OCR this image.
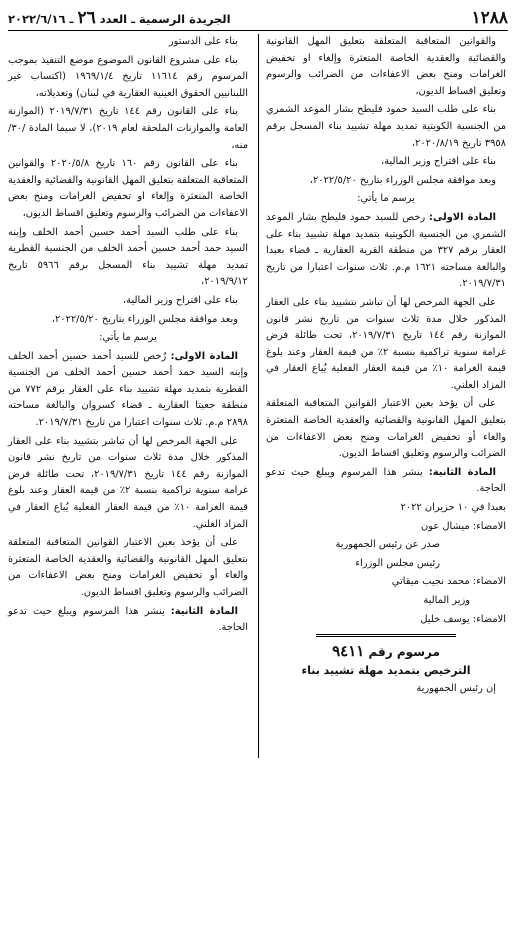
١٢٨٨
الجريدة الرسمية ـ العدد ٢٦ ـ ٢٠٢٢/٦/١٦

والقوانين المتعاقبة المتعلقة بتعليق المهل القانونية والقضائية والعقدية الخاصة المتعثرة وإلغاء او تخفيض الغرامات ومنح بعض الاعفاءات من الضرائب والرسوم وتعليق اقساط الديون،

بناء على طلب السيد حمود فليطح بشار الموعد الشمري من الجنسية الكويتية تمديد مهلة تشييد بناء المسجل برقم ٣٩٥٨ تاريخ ٢٠٢٠/٨/١٩،

بناء على اقتراح وزير المالية،

وبعد موافقة مجلس الوزراء بتاريخ ٢٠٢٢/٥/٢٠،

يرسم ما يأتي:

المادة الاولى: رخص للسيد حمود فليطح بشار الموعد الشمري من الجنسية الكويتية بتمديد مهلة تشييد بناء على العقار برقم ٣٢٧ من منطقة القرية العقارية ـ قضاء بعبدا والبالغة مساحته ١٦٢١ م.م. ثلاث سنوات اعتبارا من تاريخ ٢٠١٩/٧/٣١.

على الجهة المرخص لها أن تباشر بتشييد بناء على العقار المذكور خلال مدة ثلاث سنوات من تاريخ نشر قانون الموازنة رقم ١٤٤ تاريخ ٢٠١٩/٧/٣١، تحت طائلة فرض غرامة سنوية تراكمية بنسبة ٢٪ من قيمة العقار وعند بلوغ قيمة الغرامة ١٠٪ من قيمة العقار الفعلية يُباع العقار في المزاد العلني.

على أن يؤخذ بعين الاعتبار القوانين المتعاقبة المتعلقة بتعليق المهل القانونية والقضائية والعقدية الخاصة المتعثرة والغاء أو تخفيض الغرامات ومنح بعض الاعفاءات من الضرائب والرسوم وتعليق اقساط الديون.

المادة الثانية: ينشر هذا المرسوم ويبلغ حيث تدعو الحاجة.

بعبدا في ١٠ حزيران ٢٠٢٢

الامضاء: ميشال عون

صدر عن رئيس الجمهورية

رئيس مجلس الوزراء

الامضاء: محمد نجيب ميقاتي

وزير المالية

الامضاء: يوسف خليل

مرسوم رقم ٩٤١١

الترخيص بتمديد مهلة تشييد بناء

إن رئيس الجمهورية

بناء على الدستور

بناء على مشروع القانون الموضوع موضع التنفيذ بموجب المرسوم رقم ١١٦١٤ تاريخ ١٩٦٩/١/٤ (اكتساب غير اللبنانيين الحقوق العينية العقارية في لبنان) وتعديلاته،

بناء على القانون رقم ١٤٤ تاريخ ٢٠١٩/٧/٣١ (الموازنة العامة والموازنات الملحقة لعام ٢٠١٩)، لا سيما المادة /٣٠/ منه،

بناء على القانون رقم ١٦٠ تاريخ ٢٠٢٠/٥/٨ والقوانين المتعاقبة المتعلقة بتعليق المهل القانونية والقضائية والعقدية الخاصة المتعثرة وإلغاء او تخفيض الغرامات ومنح بعض الاعفاءات من الضرائب والرسوم وتعليق اقساط الديون،

بناء على طلب السيد أحمد حسين أحمد الخلف وإبنه السيد حمد أحمد حسين أحمد الخلف من الجنسية القطرية تمديد مهلة تشييد بناء المسجل برقم ٥٩٦٦ تاريخ ٢٠١٩/٩/١٢،

بناء على اقتراح وزير المالية،

وبعد موافقة مجلس الوزراء بتاريخ ٢٠٢٢/٥/٢٠،

يرسم ما يأتي:

المادة الاولى: رُخص للسيد أحمد حسين أحمد الخلف وإبنه السيد حمد أحمد حسين أحمد الخلف من الجنسية القطرية بتمديد مهلة تشييد بناء على العقار برقم ٧٧٢ من منطقة جعيتا العقارية ـ قضاء كسروان والبالغة مساحته ٢٨٩٨ م.م. ثلاث سنوات اعتبارا من تاريخ ٢٠١٩/٧/٣١.

على الجهة المرخص لها أن تباشر بتشييد بناء على العقار المذكور خلال مدة ثلاث سنوات من تاريخ نشر قانون الموازنة رقم ١٤٤ تاريخ ٢٠١٩/٧/٣١، تحت طائلة فرض غرامة سنوية تراكمية بنسبة ٢٪ من قيمة العقار وعند بلوغ قيمة الغرامة ١٠٪ من قيمة العقار الفعلية يُباع العقار في المزاد العلني.

على أن يؤخذ بعين الاعتبار القوانين المتعاقبة المتعلقة بتعليق المهل القانونية والقضائية والعقدية الخاصة المتعثرة والغاء أو تخفيض الغرامات ومنح بعض الاعفاءات من الضرائب والرسوم وتعليق اقساط الديون.

المادة الثانية: ينشر هذا المرسوم ويبلغ حيث تدعو الحاجة.
